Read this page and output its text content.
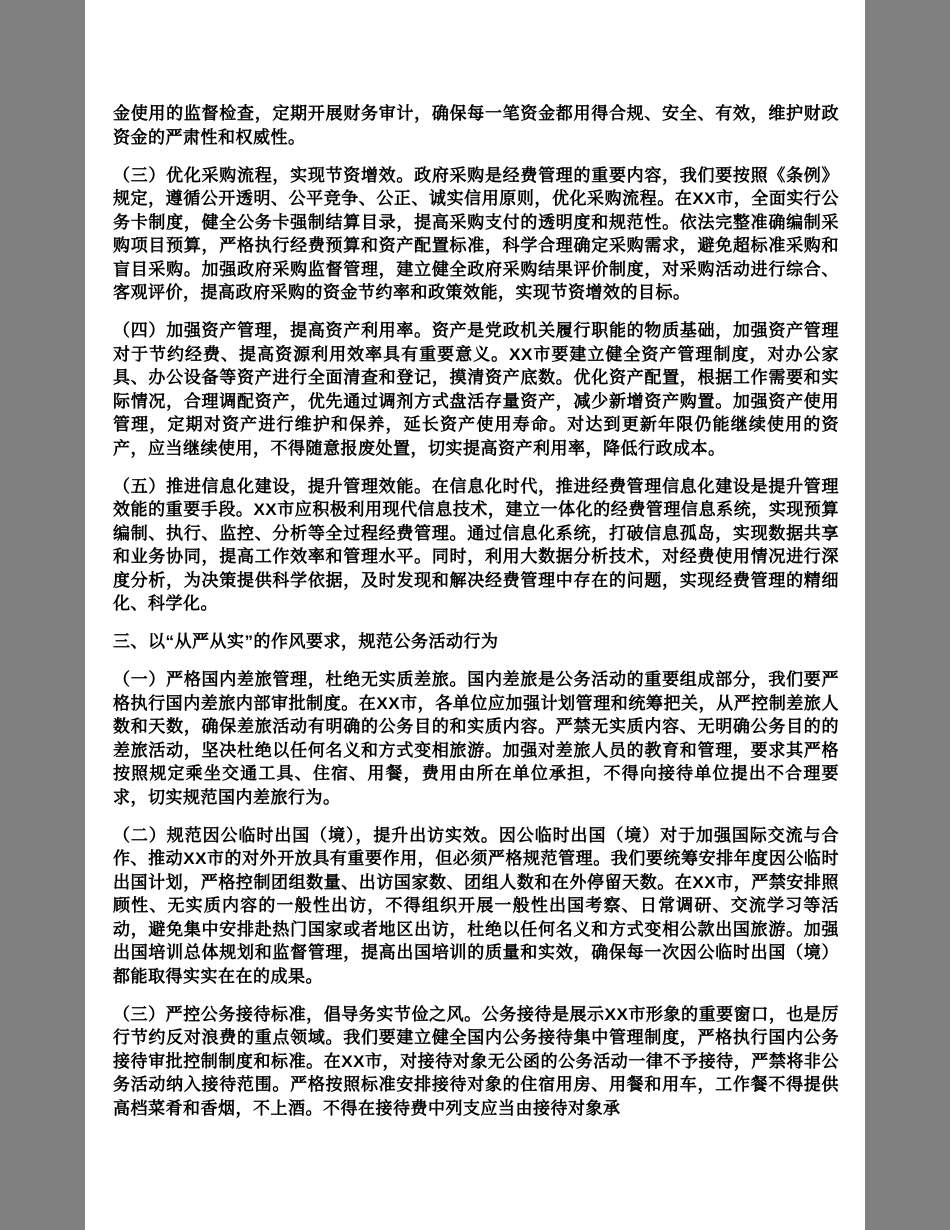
金使用的监督检查，定期开展财务审计，确保每一笔资金都用得合规、安全、有效，维护财政资金的严肃性和权威性。

（三）优化采购流程，实现节资增效。政府采购是经费管理的重要内容，我们要按照《条例》规定，遵循公开透明、公平竞争、公正、诚实信用原则，优化采购流程。在XX市，全面实行公务卡制度，健全公务卡强制结算目录，提高采购支付的透明度和规范性。依法完整准确编制采购项目预算，严格执行经费预算和资产配置标准，科学合理确定采购需求，避免超标准采购和盲目采购。加强政府采购监督管理，建立健全政府采购结果评价制度，对采购活动进行综合、客观评价，提高政府采购的资金节约率和政策效能，实现节资增效的目标。

（四）加强资产管理，提高资产利用率。资产是党政机关履行职能的物质基础，加强资产管理对于节约经费、提高资源利用效率具有重要意义。XX市要建立健全资产管理制度，对办公家具、办公设备等资产进行全面清查和登记，摸清资产底数。优化资产配置，根据工作需要和实际情况，合理调配资产，优先通过调剂方式盘活存量资产，减少新增资产购置。加强资产使用管理，定期对资产进行维护和保养，延长资产使用寿命。对达到更新年限仍能继续使用的资产，应当继续使用，不得随意报废处置，切实提高资产利用率，降低行政成本。

（五）推进信息化建设，提升管理效能。在信息化时代，推进经费管理信息化建设是提升管理效能的重要手段。XX市应积极利用现代信息技术，建立一体化的经费管理信息系统，实现预算编制、执行、监控、分析等全过程经费管理。通过信息化系统，打破信息孤岛，实现数据共享和业务协同，提高工作效率和管理水平。同时，利用大数据分析技术，对经费使用情况进行深度分析，为决策提供科学依据，及时发现和解决经费管理中存在的问题，实现经费管理的精细化、科学化。

三、以“从严从实”的作风要求，规范公务活动行为

（一）严格国内差旅管理，杜绝无实质差旅。国内差旅是公务活动的重要组成部分，我们要严格执行国内差旅内部审批制度。在XX市，各单位应加强计划管理和统筹把关，从严控制差旅人数和天数，确保差旅活动有明确的公务目的和实质内容。严禁无实质内容、无明确公务目的的差旅活动，坚决杜绝以任何名义和方式变相旅游。加强对差旅人员的教育和管理，要求其严格按照规定乘坐交通工具、住宿、用餐，费用由所在单位承担，不得向接待单位提出不合理要求，切实规范国内差旅行为。

（二）规范因公临时出国（境），提升出访实效。因公临时出国（境）对于加强国际交流与合作、推动XX市的对外开放具有重要作用，但必须严格规范管理。我们要统筹安排年度因公临时出国计划，严格控制团组数量、出访国家数、团组人数和在外停留天数。在XX市，严禁安排照顾性、无实质内容的一般性出访，不得组织开展一般性出国考察、日常调研、交流学习等活动，避免集中安排赴热门国家或者地区出访，杜绝以任何名义和方式变相公款出国旅游。加强出国培训总体规划和监督管理，提高出国培训的质量和实效，确保每一次因公临时出国（境）都能取得实实在在的成果。

（三）严控公务接待标准，倡导务实节俭之风。公务接待是展示XX市形象的重要窗口，也是厉行节约反对浪费的重点领域。我们要建立健全国内公务接待集中管理制度，严格执行国内公务接待审批控制制度和标准。在XX市，对接待对象无公函的公务活动一律不予接待，严禁将非公务活动纳入接待范围。严格按照标准安排接待对象的住宿用房、用餐和用车，工作餐不得提供高档菜肴和香烟，不上酒。不得在接待费中列支应当由接待对象承
